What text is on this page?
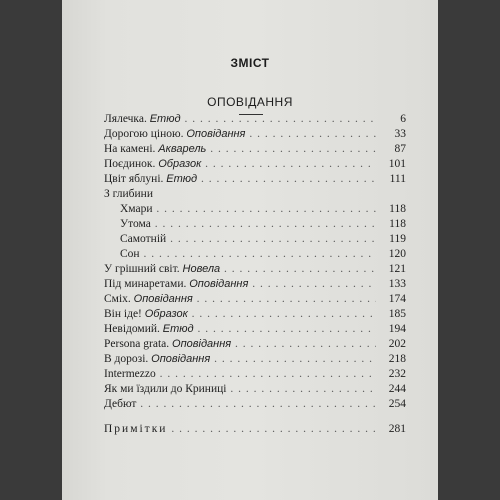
ЗМІСТ
ОПОВІДАННЯ
Лялечка. Етюд . . .	6
Дорогою ціною. Оповідання . . .	33
На камені. Акварель . . .	87
Поєдинок. Образок . . .	101
Цвіт яблуні. Етюд . . .	111
З глибини
Хмари . . .	118
Утома . . .	118
Самотній . . .	119
Сон . . .	120
У грішний світ. Новела . . .	121
Під минаретами. Оповідання . . .	133
Сміх. Оповідання . . .	174
Він іде! Образок . . .	185
Невідомий. Етюд . . .	194
Persona grata. Оповідання . . .	202
В дорозі. Оповідання . . .	218
Intermezzo . . .	232
Як ми їздили до Криниці . . .	244
Дебют . . .	254
Примітки . . .	281
